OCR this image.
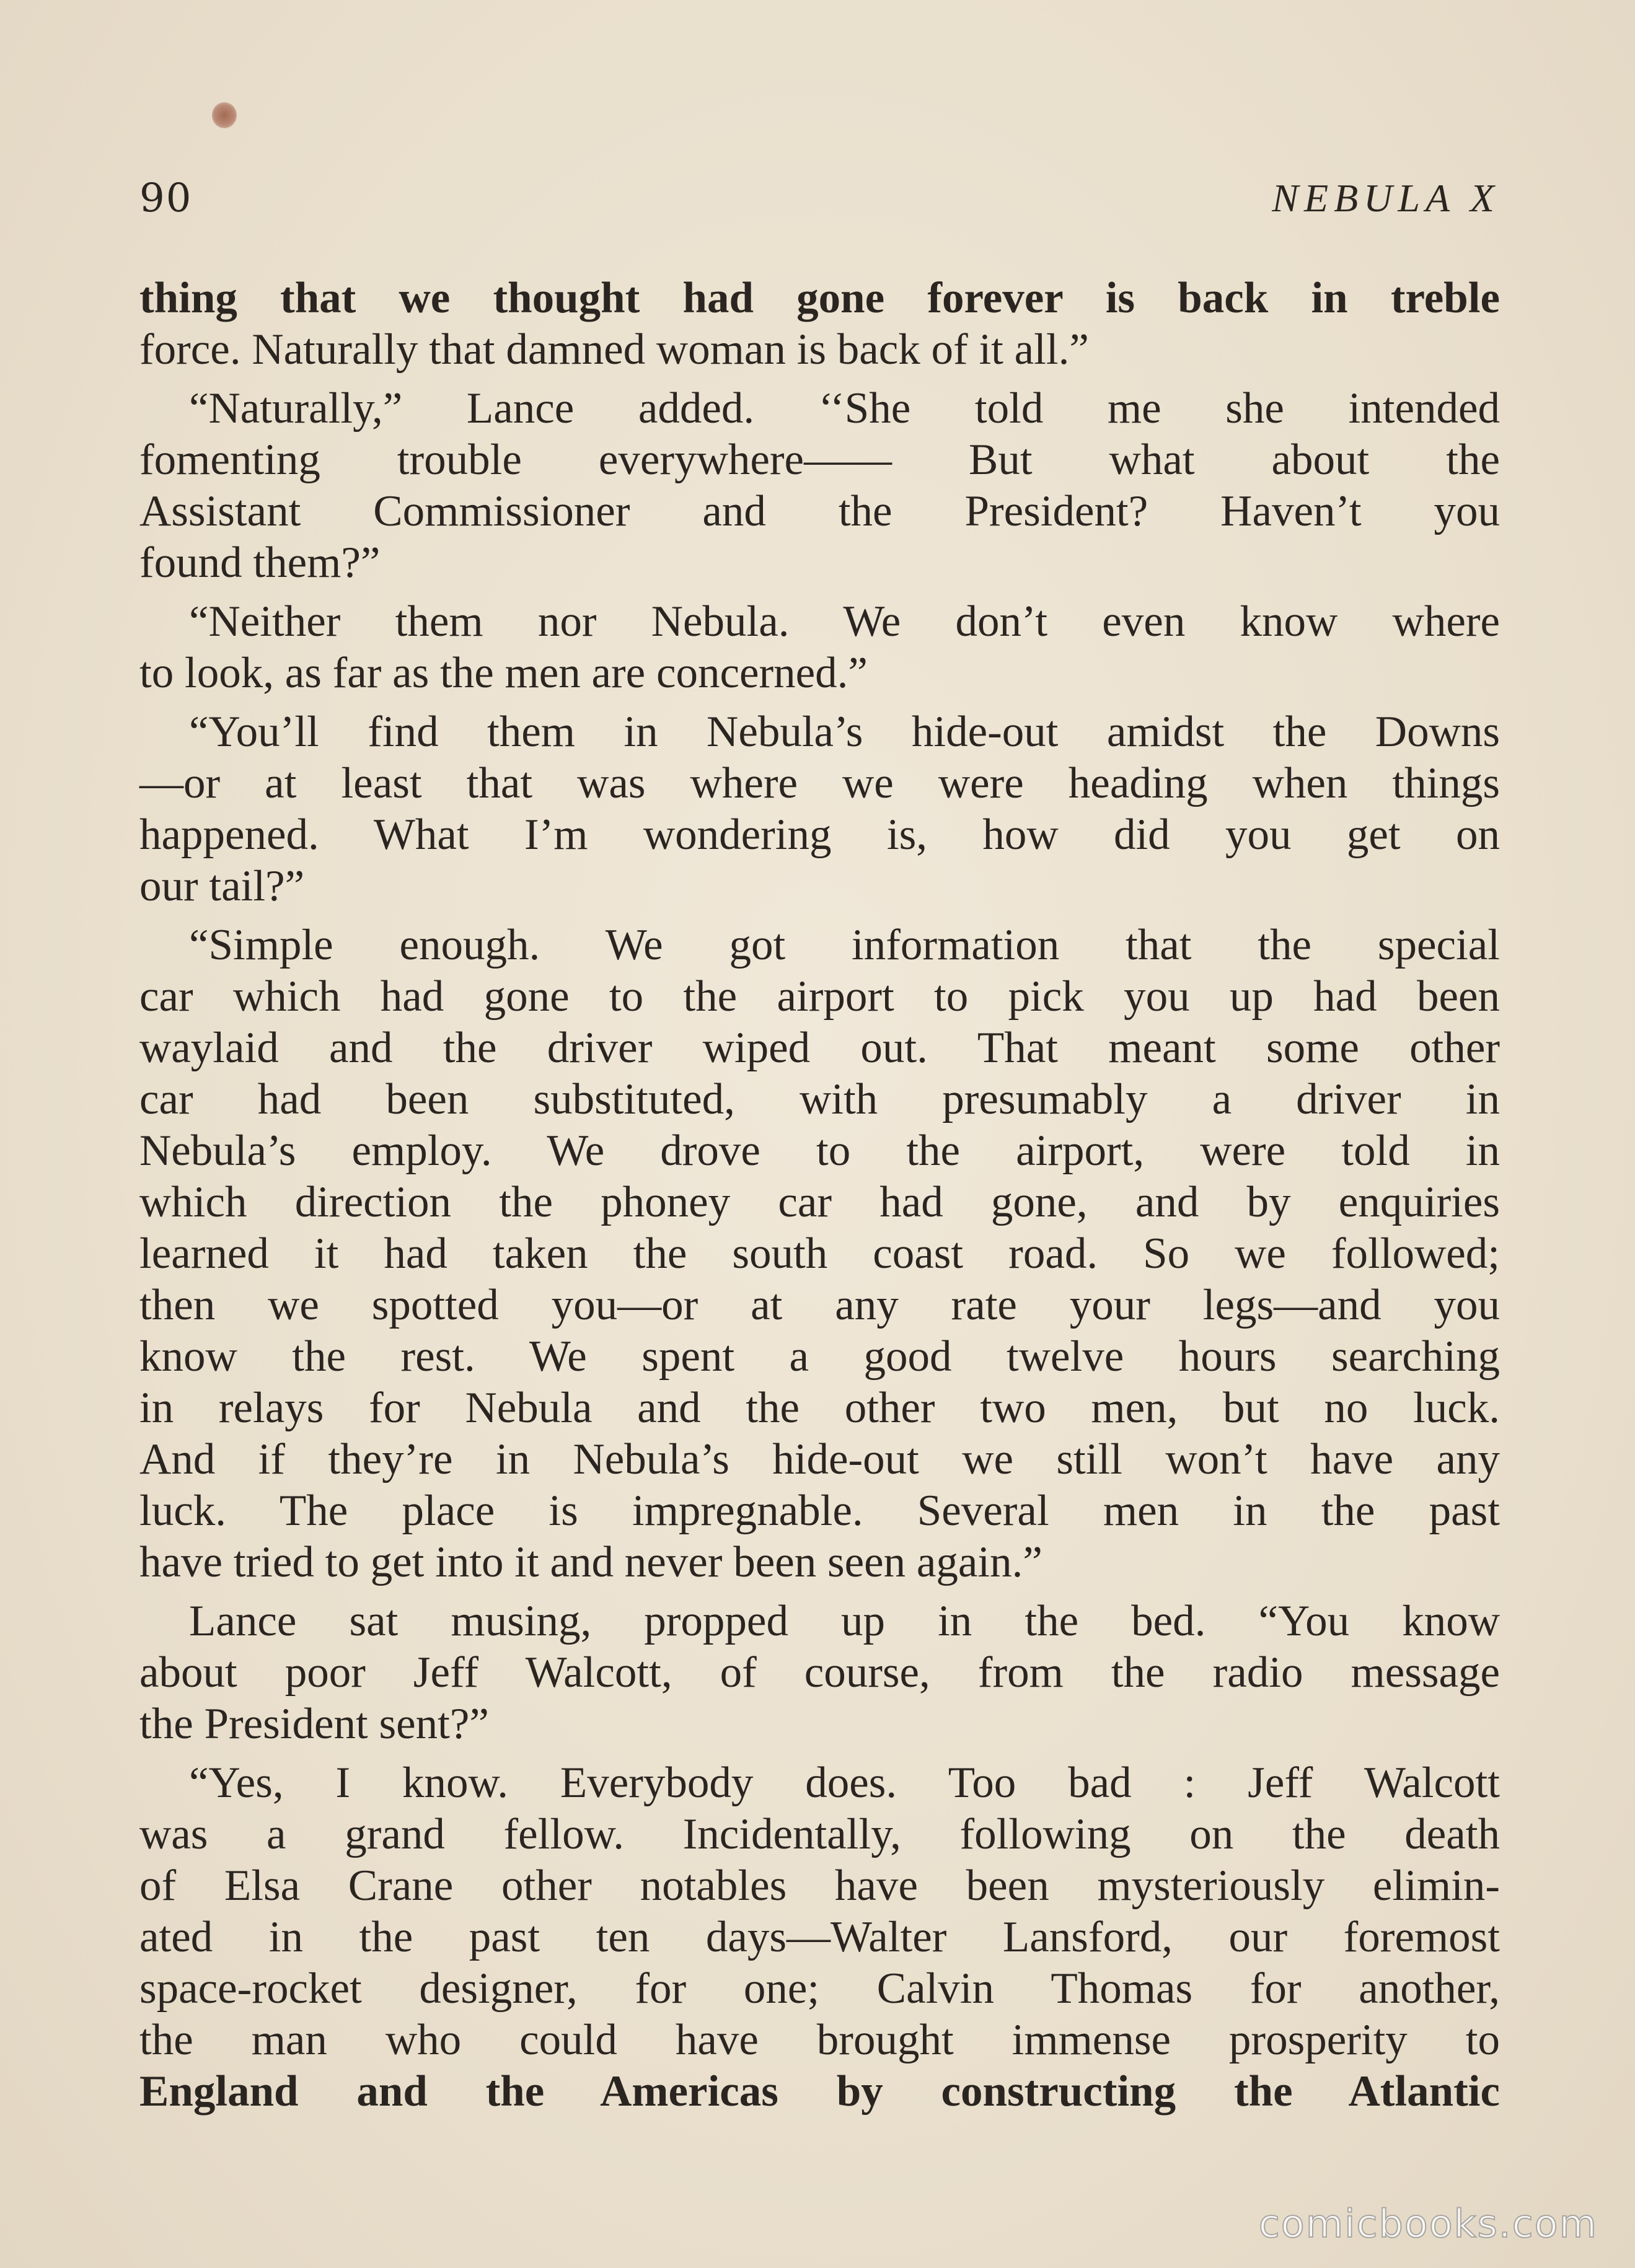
90	NEBULA X
thing that we thought had gone forever is back in treble
force. Naturally that damned woman is back of it all.”
“Naturally,” Lance added. ‘‘She told me she intended
fomenting trouble everywhere—— But what about the
Assistant Commissioner and the President? Haven’t you
found them?”
“Neither them nor Nebula. We don’t even know where
to look, as far as the men are concerned.”
“You’ll find them in Nebula’s hide-out amidst the Downs
—or at least that was where we were heading when things
happened. What I’m wondering is, how did you get on
our tail?”
“Simple enough. We got information that the special
car which had gone to the airport to pick you up had been
waylaid and the driver wiped out. That meant some other
car had been substituted, with presumably a driver in
Nebula’s employ. We drove to the airport, were told in
which direction the phoney car had gone, and by enquiries
learned it had taken the south coast road. So we followed;
then we spotted you—or at any rate your legs—and you
know the rest. We spent a good twelve hours searching
in relays for Nebula and the other two men, but no luck.
And if they’re in Nebula’s hide-out we still won’t have any
luck. The place is impregnable. Several men in the past
have tried to get into it and never been seen again.”
Lance sat musing, propped up in the bed. “You know
about poor Jeff Walcott, of course, from the radio message
the President sent?”
“Yes, I know. Everybody does. Too bad : Jeff Walcott
was a grand fellow. Incidentally, following on the death
of Elsa Crane other notables have been mysteriously elimin-
ated in the past ten days—Walter Lansford, our foremost
space-rocket designer, for one; Calvin Thomas for another,
the man who could have brought immense prosperity to
England and the Americas by constructing the Atlantic
comicbooks.com
